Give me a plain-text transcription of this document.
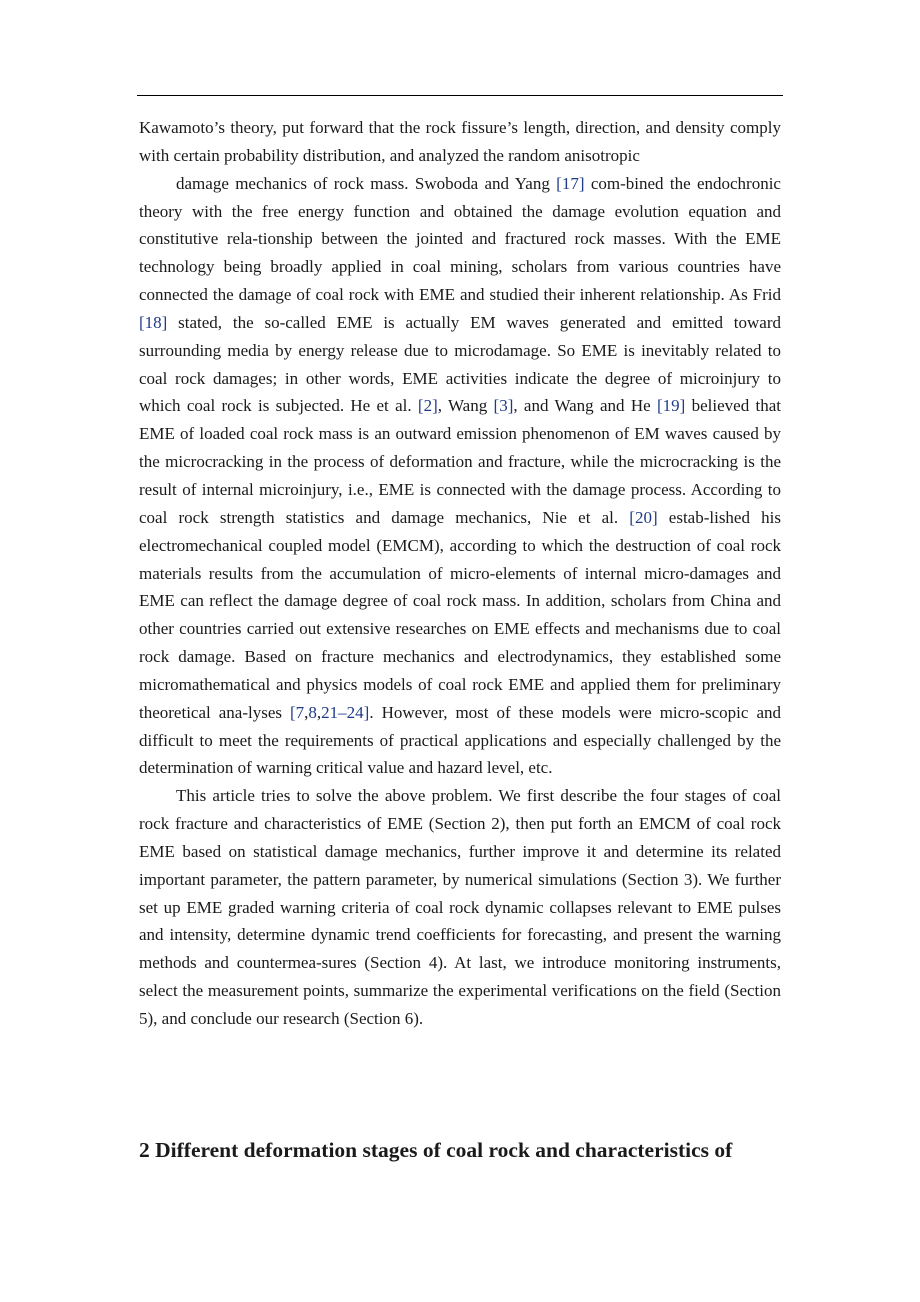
Kawamoto’s theory, put forward that the rock fissure’s length, direction, and density comply with certain probability distribution, and analyzed the random anisotropic

damage mechanics of rock mass. Swoboda and Yang [17] com-bined the endochronic theory with the free energy function and obtained the damage evolution equation and constitutive rela-tionship between the jointed and fractured rock masses. With the EME technology being broadly applied in coal mining, scholars from various countries have connected the damage of coal rock with EME and studied their inherent relationship. As Frid [18] stated, the so-called EME is actually EM waves generated and emitted toward surrounding media by energy release due to microdamage. So EME is inevitably related to coal rock damages; in other words, EME activities indicate the degree of microinjury to which coal rock is subjected. He et al. [2], Wang [3], and Wang and He [19] believed that EME of loaded coal rock mass is an outward emission phenomenon of EM waves caused by the microcracking in the process of deformation and fracture, while the microcracking is the result of internal microinjury, i.e., EME is connected with the damage process. According to coal rock strength statistics and damage mechanics, Nie et al. [20] estab-lished his electromechanical coupled model (EMCM), according to which the destruction of coal rock materials results from the accumulation of micro-elements of internal micro-damages and EME can reflect the damage degree of coal rock mass. In addition, scholars from China and other countries carried out extensive researches on EME effects and mechanisms due to coal rock damage. Based on fracture mechanics and electrodynamics, they established some micromathematical and physics models of coal rock EME and applied them for preliminary theoretical ana-lyses [7,8,21–24]. However, most of these models were micro-scopic and difficult to meet the requirements of practical applications and especially challenged by the determination of warning critical value and hazard level, etc.

This article tries to solve the above problem. We first describe the four stages of coal rock fracture and characteristics of EME (Section 2), then put forth an EMCM of coal rock EME based on statistical damage mechanics, further improve it and determine its related important parameter, the pattern parameter, by numerical simulations (Section 3). We further set up EME graded warning criteria of coal rock dynamic collapses relevant to EME pulses and intensity, determine dynamic trend coefficients for forecasting, and present the warning methods and countermea-sures (Section 4). At last, we introduce monitoring instruments, select the measurement points, summarize the experimental verifications on the field (Section 5), and conclude our research (Section 6).

2 Different deformation stages of coal rock and characteristics of
